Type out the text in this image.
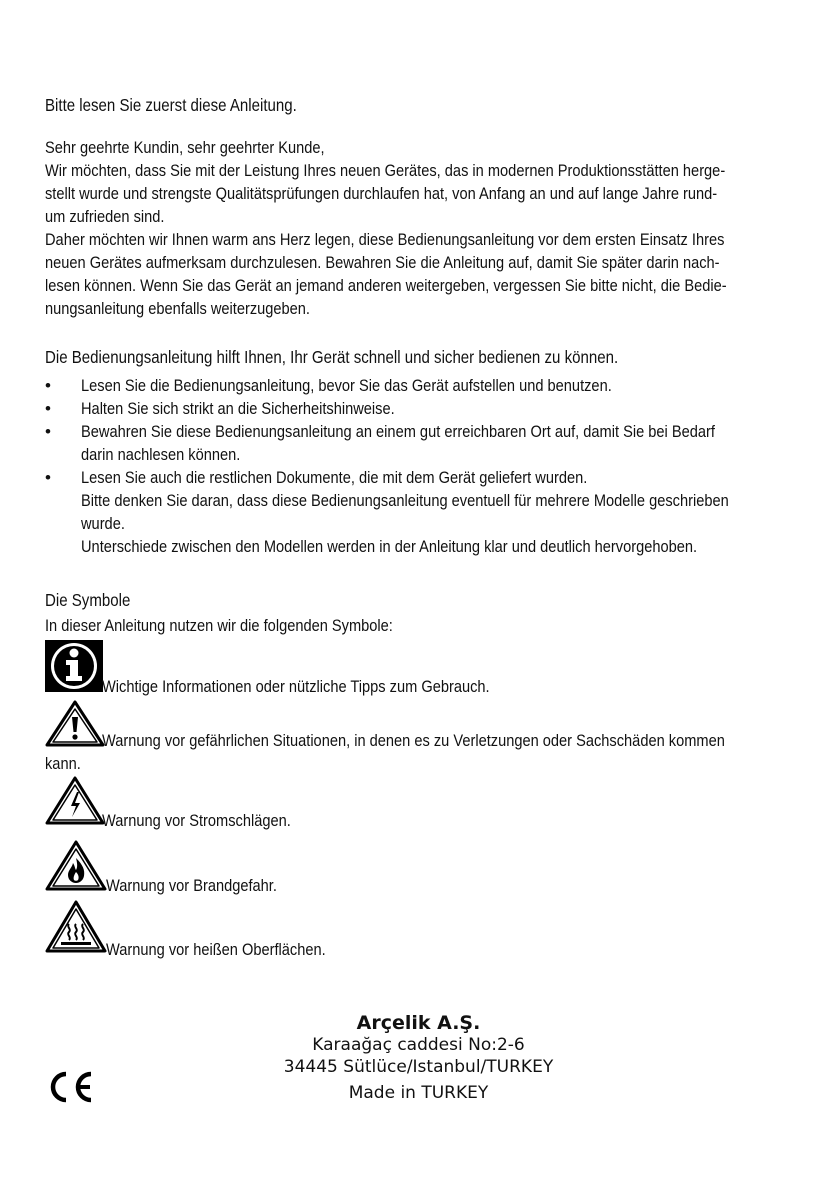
Bitte lesen Sie zuerst diese Anleitung.
Sehr geehrte Kundin, sehr geehrter Kunde,
Wir möchten, dass Sie mit der Leistung Ihres neuen Gerätes, das in modernen Produktionsstätten herge-
stellt wurde und strengste Qualitätsprüfungen durchlaufen hat, von Anfang an und auf lange Jahre rund-
um zufrieden sind.
Daher möchten wir Ihnen warm ans Herz legen, diese Bedienungsanleitung vor dem ersten Einsatz Ihres
neuen Gerätes aufmerksam durchzulesen. Bewahren Sie die Anleitung auf, damit Sie später darin nach-
lesen können. Wenn Sie das Gerät an jemand anderen weitergeben, vergessen Sie bitte nicht, die Bedie-
nungsanleitung ebenfalls weiterzugeben.
Die Bedienungsanleitung hilft Ihnen, Ihr Gerät schnell und sicher bedienen zu können.
• Lesen Sie die Bedienungsanleitung, bevor Sie das Gerät aufstellen und benutzen.
• Halten Sie sich strikt an die Sicherheitshinweise.
• Bewahren Sie diese Bedienungsanleitung an einem gut erreichbaren Ort auf, damit Sie bei Bedarf
darin nachlesen können.
• Lesen Sie auch die restlichen Dokumente, die mit dem Gerät geliefert wurden.
Bitte denken Sie daran, dass diese Bedienungsanleitung eventuell für mehrere Modelle geschrieben
wurde.
Unterschiede zwischen den Modellen werden in der Anleitung klar und deutlich hervorgehoben.
Die Symbole
In dieser Anleitung nutzen wir die folgenden Symbole:
Wichtige Informationen oder nützliche Tipps zum Gebrauch.
Warnung vor gefährlichen Situationen, in denen es zu Verletzungen oder Sachschäden kommen
kann.
Warnung vor Stromschlägen.
Warnung vor Brandgefahr.
Warnung vor heißen Oberflächen.
Arçelik A.Ş.
Karaağaç caddesi No:2-6
34445 Sütlüce/Istanbul/TURKEY
Made in TURKEY
